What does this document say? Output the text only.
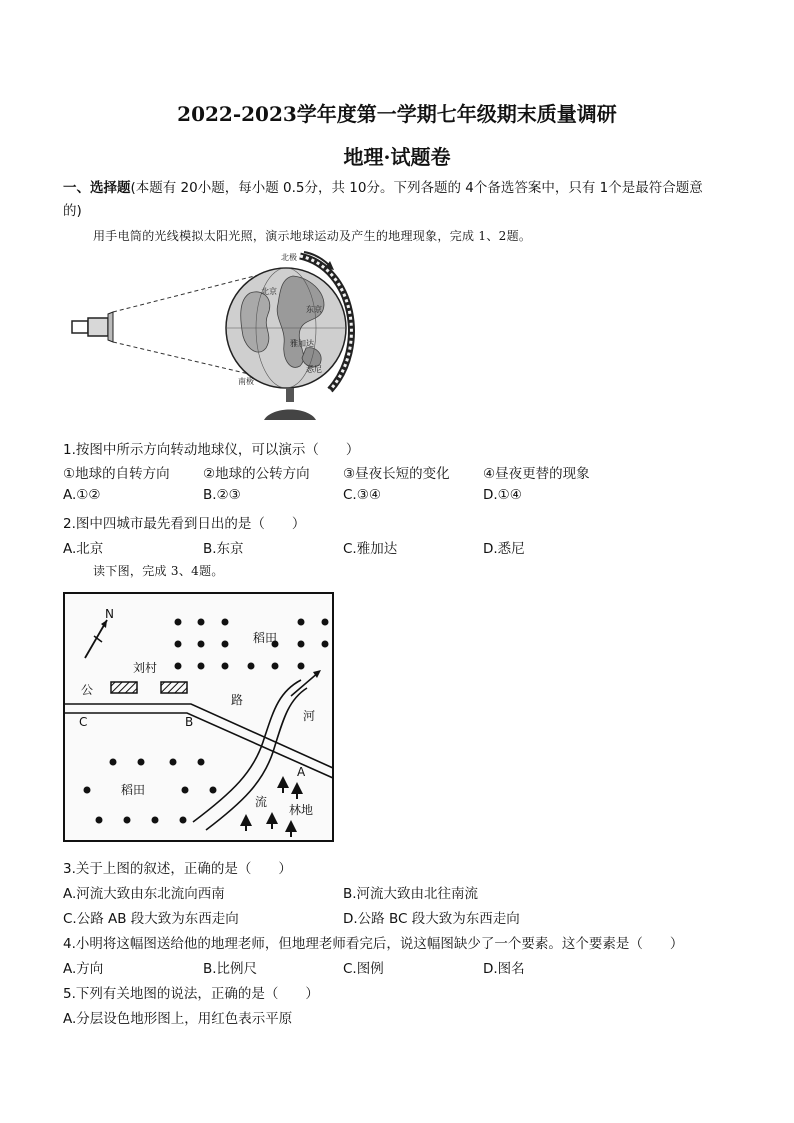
2022-2023学年度第一学期七年级期末质量调研
地理·试题卷
一、选择题(本题有 20小题，每小题 0.5分，共 10分。下列各题的 4个备选答案中，只有 1个是最符合题意
的)
用手电筒的光线模拟太阳光照，演示地球运动及产生的地理现象，完成 1、2题。
北极
南极
东京
北京
雅加达
悉尼
1.按图中所示方向转动地球仪，可以演示（　　）
①地球的自转方向 ②地球的公转方向 ③昼夜长短的变化 ④昼夜更替的现象
A.①②	B.②③	C.③④	D.①④
2.图中四城市最先看到日出的是（　　）
A.北京	B.东京	C.雅加达	D.悉尼
读下图，完成 3、4题。
N
稻田
刘村
公
路
C	B
A
河
流
稻田
林地
3.关于上图的叙述，正确的是（　　）
A.河流大致由东北流向西南	B.河流大致由北往南流
C.公路 AB 段大致为东西走向	D.公路 BC 段大致为东西走向
4.小明将这幅图送给他的地理老师，但地理老师看完后，说这幅图缺少了一个要素。这个要素是（　　）
A.方向	B.比例尺	C.图例	D.图名
5.下列有关地图的说法，正确的是（　　）
A.分层设色地形图上，用红色表示平原
